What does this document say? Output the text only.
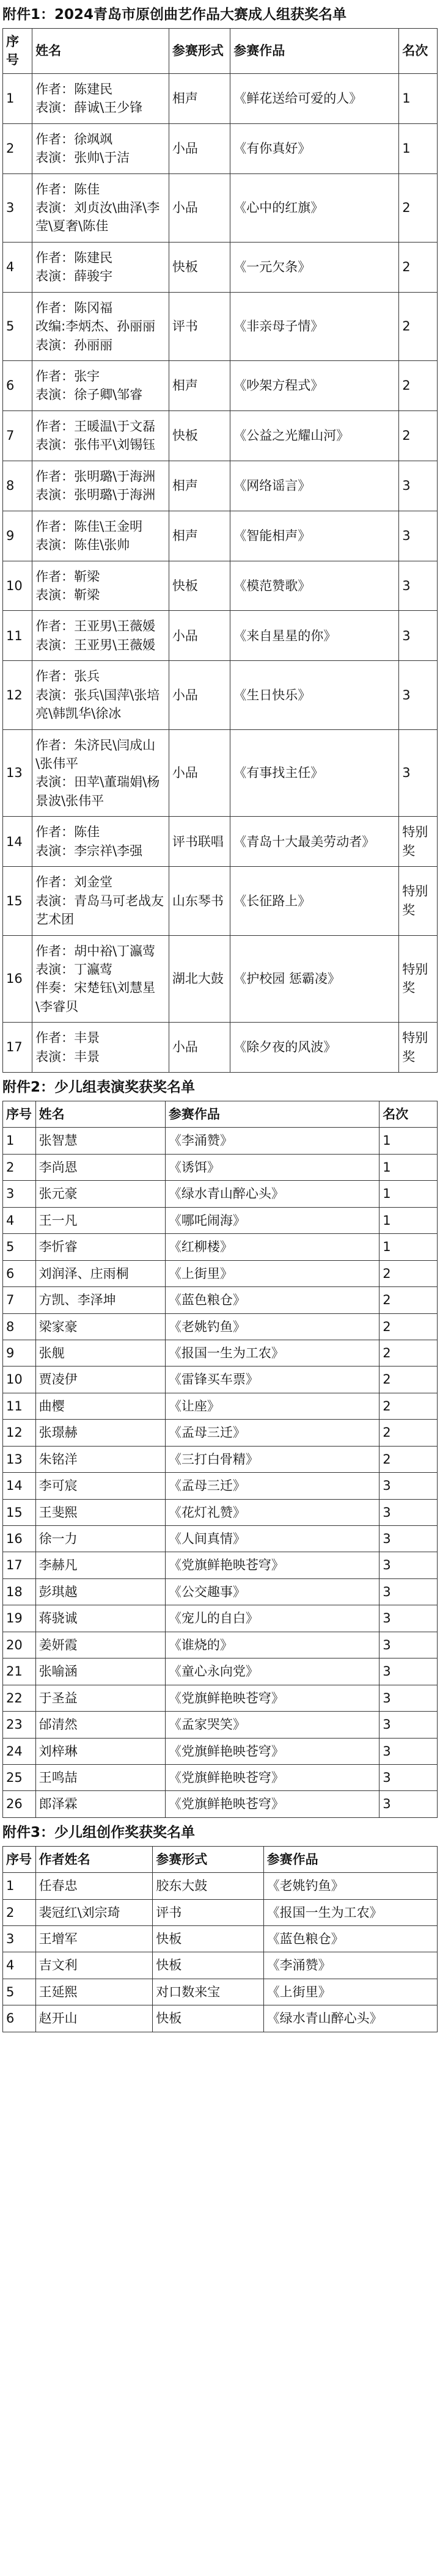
附件1：2024青岛市原创曲艺作品大赛成人组获奖名单
序号	姓名	参赛形式	参赛作品	名次
1	作者：陈建民
表演：薛诚\王少锋	相声	《鲜花送给可爱的人》	1
2	作者：徐飒飒
表演：张帅\于洁	小品	《有你真好》	1
3	作者：陈佳
表演：刘贞汝\曲泽\李莹\夏奢\陈佳	小品	《心中的红旗》	2
4	作者：陈建民
表演：薛骏宇	快板	《一元欠条》	2
5	作者：陈冈福
改编:李炳杰、孙丽丽
表演：孙丽丽	评书	《非亲母子情》	2
6	作者：张宇
表演：徐子卿\邹睿	相声	《吵架方程式》	2
7	作者：王暖温\于文磊
表演：张伟平\刘锡钰	快板	《公益之光耀山河》	2
8	作者：张明璐\于海洲
表演：张明璐\于海洲	相声	《网络谣言》	3
9	作者：陈佳\王金明
表演：陈佳\张帅	相声	《智能相声》	3
10	作者：靳梁
表演：靳梁	快板	《模范赞歌》	3
11	作者：王亚男\王薇媛
表演：王亚男\王薇媛	小品	《来自星星的你》	3
12	作者：张兵
表演：张兵\国萍\张培亮\韩凯华\徐冰	小品	《生日快乐》	3
13	作者：朱济民\闫成山\张伟平
表演：田苹\董瑞娟\杨景波\张伟平	小品	《有事找主任》	3
14	作者：陈佳
表演：李宗祥\李强	评书联唱	《青岛十大最美劳动者》	特别奖
15	作者：刘金堂
表演：青岛马可老战友艺术团	山东琴书	《长征路上》	特别奖
16	作者：胡中裕\丁瀛莺
表演：丁瀛莺
伴奏：宋楚钰\刘慧星\李睿贝	湖北大鼓	《护校园 惩霸凌》	特别奖
17	作者：丰景
表演：丰景	小品	《除夕夜的风波》	特别奖
附件2：少儿组表演奖获奖名单
序号	姓名	参赛作品	名次
1	张智慧	《李涌赞》	1
2	李尚恩	《诱饵》	1
3	张元豪	《绿水青山醉心头》	1
4	王一凡	《哪吒闹海》	1
5	李忻睿	《红柳楼》	1
6	刘润泽、庄雨桐	《上街里》	2
7	方凯、李泽坤	《蓝色粮仓》	2
8	梁家豪	《老姚钓鱼》	2
9	张舰	《报国一生为工农》	2
10	贾凌伊	《雷锋买车票》	2
11	曲樱	《让座》	2
12	张璟赫	《孟母三迁》	2
13	朱铭洋	《三打白骨精》	2
14	李可宸	《孟母三迁》	3
15	王斐熙	《花灯礼赞》	3
16	徐一力	《人间真情》	3
17	李赫凡	《党旗鲜艳映苍穹》	3
18	彭琪越	《公交趣事》	3
19	蒋骁诚	《宠儿的自白》	3
20	姜妍霞	《谁烧的》	3
21	张喻涵	《童心永向党》	3
22	于圣益	《党旗鲜艳映苍穹》	3
23	邰清然	《孟家哭笑》	3
24	刘梓琳	《党旗鲜艳映苍穹》	3
25	王鸣喆	《党旗鲜艳映苍穹》	3
26	郎泽霖	《党旗鲜艳映苍穹》	3
附件3：少儿组创作奖获奖名单
序号	作者姓名	参赛形式	参赛作品
1	任春忠	胶东大鼓	《老姚钓鱼》
2	裴冠红\刘宗琦	评书	《报国一生为工农》
3	王增军	快板	《蓝色粮仓》
4	吉文利	快板	《李涌赞》
5	王延熙	对口数来宝	《上街里》
6	赵开山	快板	《绿水青山醉心头》
